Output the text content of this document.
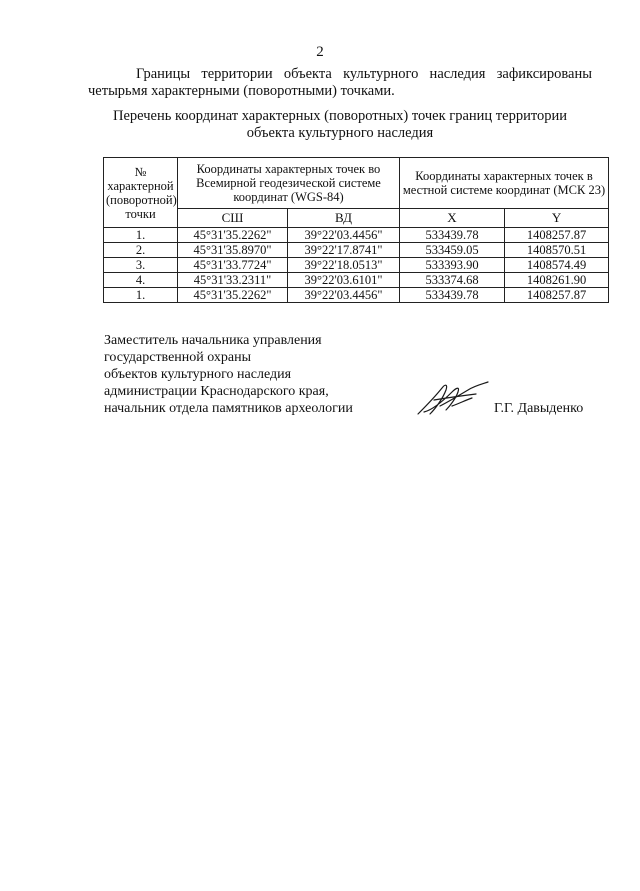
2

Границы территории объекта культурного наследия зафиксированы четырьмя характерными (поворотными) точками.

Перечень координат характерных (поворотных) точек границ территории объекта культурного наследия

№ характерной (поворотной) точки	Координаты характерных точек во Всемирной геодезической системе координат (WGS-84)		Координаты характерных точек в местной системе координат (МСК 23)	
	СШ	ВД	X	Y
1.	45°31'35.2262"	39°22'03.4456"	533439.78	1408257.87
2.	45°31'35.8970"	39°22'17.8741"	533459.05	1408570.51
3.	45°31'33.7724"	39°22'18.0513"	533393.90	1408574.49
4.	45°31'33.2311"	39°22'03.6101"	533374.68	1408261.90
1.	45°31'35.2262"	39°22'03.4456"	533439.78	1408257.87
Заместитель начальника управления
государственной охраны
объектов культурного наследия
администрации Краснодарского края,
начальник отдела памятников археологии	Г.Г. Давыденко
